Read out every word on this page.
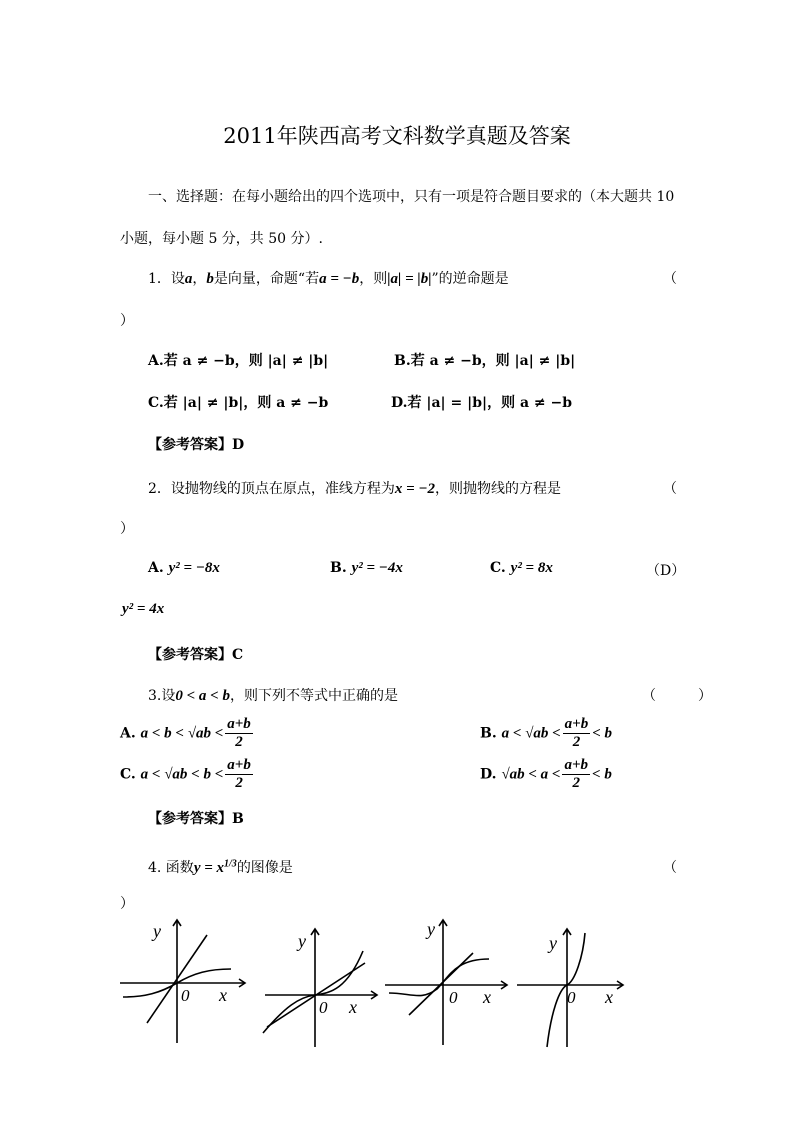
2011年陕西高考文科数学真题及答案
一、选择题：在每小题给出的四个选项中，只有一项是符合题目要求的（本大题共 10
小题，每小题 5 分，共 50 分）.
1．设a，b是向量，命题“若a = −b，则|a| = |b|”的逆命题是	（
）
A.若 a ≠ −b，则 |a| ≠ |b|	B.若 a ≠ −b，则 |a| ≠ |b|
C.若 |a| ≠ |b|，则 a ≠ −b	D.若 |a| = |b|，则 a ≠ −b
【参考答案】D
2．设抛物线的顶点在原点，准线方程为x = −2，则抛物线的方程是	（
）
A. y² = −8x	B. y² = −4x	C. y² = 8x	（D）
y² = 4x
【参考答案】C
3.设0 < a < b，则下列不等式中正确的是	（　　　）
A. $a < b < √ab < \frac{a+b}{2}$	B. $a < √ab < \frac{a+b}{2} < b$
C. $a < √ab < b < \frac{a+b}{2}$	D. $√ab < a < \frac{a+b}{2} < b$
【参考答案】B
4. 函数$y = x^{1/3}$的图像是	（
）
y
x
0
y
x
0
y
x
0
y
x
0
